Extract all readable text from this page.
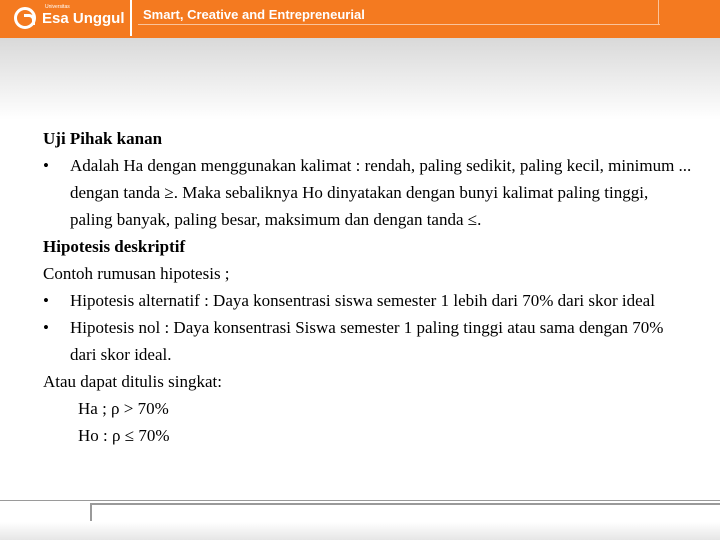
Universitas
Esa Unggul Smart, Creative and Entrepreneurial
Uji Pihak kanan
• Adalah Ha dengan menggunakan kalimat : rendah, paling sedikit, paling kecil, minimum ... dengan tanda ≥. Maka sebaliknya Ho dinyatakan dengan bunyi kalimat paling tinggi, paling banyak, paling besar, maksimum dan dengan tanda ≤.
Hipotesis deskriptif
Contoh rumusan hipotesis ;
• Hipotesis alternatif : Daya konsentrasi siswa semester 1 lebih dari 70% dari skor ideal
• Hipotesis nol : Daya konsentrasi Siswa semester 1 paling tinggi atau sama dengan 70% dari skor ideal.
Atau dapat ditulis singkat:
Ha ; ρ > 70%
Ho : ρ ≤ 70%
